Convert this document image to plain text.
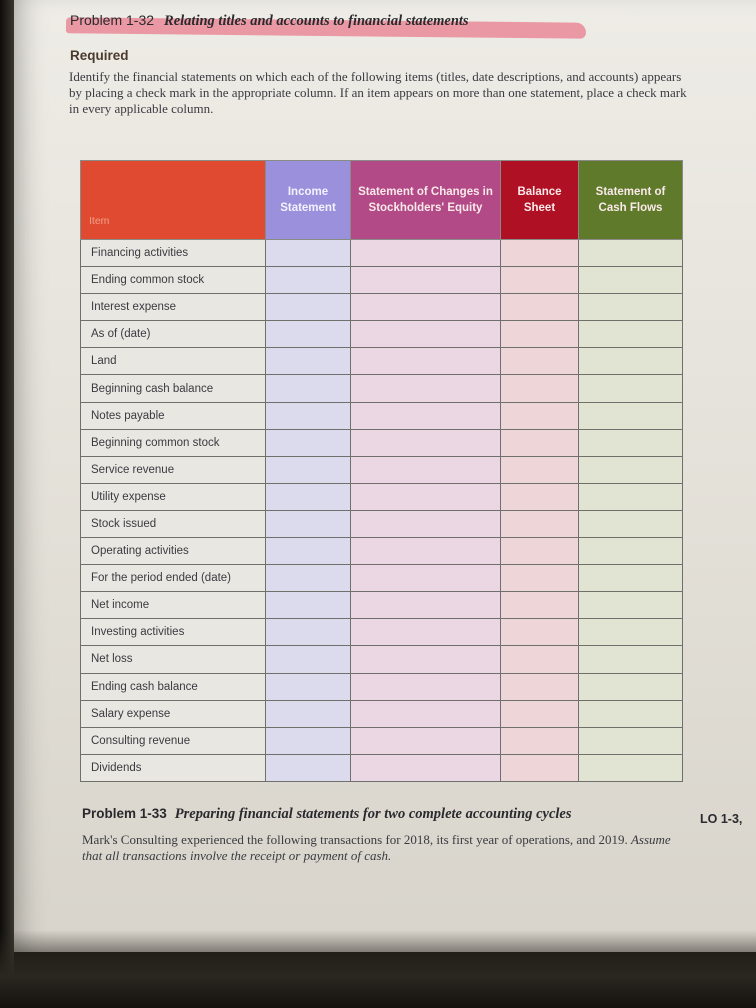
Problem 1-32 Relating titles and accounts to financial statements
Required
Identify the financial statements on which each of the following items (titles, date descriptions, and accounts) appears by placing a check mark in the appropriate column. If an item appears on more than one statement, place a check mark in every applicable column.
Item	Income Statement	Statement of Changes in Stockholders' Equity	Balance Sheet	Statement of Cash Flows
Financing activities				
Ending common stock				
Interest expense				
As of (date)				
Land				
Beginning cash balance				
Notes payable				
Beginning common stock				
Service revenue				
Utility expense				
Stock issued				
Operating activities				
For the period ended (date)				
Net income				
Investing activities				
Net loss				
Ending cash balance				
Salary expense				
Consulting revenue				
Dividends				
Problem 1-33 Preparing financial statements for two complete accounting cycles	LO 1-3,
Mark's Consulting experienced the following transactions for 2018, its first year of operations, and 2019. Assume that all transactions involve the receipt or payment of cash.
